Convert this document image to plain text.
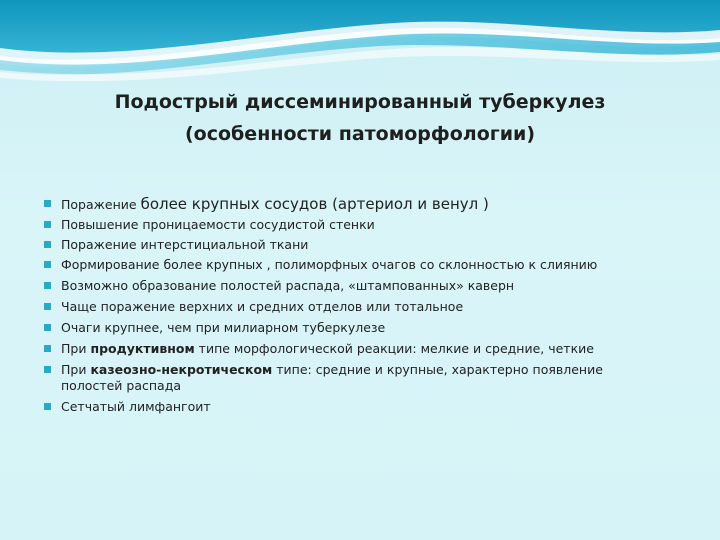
Подострый диссеминированный туберкулез
(особенности патоморфологии)
Поражение более крупных сосудов (артериол и венул )
Повышение проницаемости сосудистой стенки
Поражение интерстициальной ткани
Формирование более крупных , полиморфных очагов со склонностью к слиянию
Возможно образование полостей распада, «штампованных» каверн
Чаще поражение верхних и средних отделов или тотальное
Очаги крупнее, чем при милиарном туберкулезе
При продуктивном типе морфологической реакции: мелкие и средние, четкие
При казеозно-некротическом типе: средние и крупные, характерно появление полостей распада
Сетчатый лимфангоит
